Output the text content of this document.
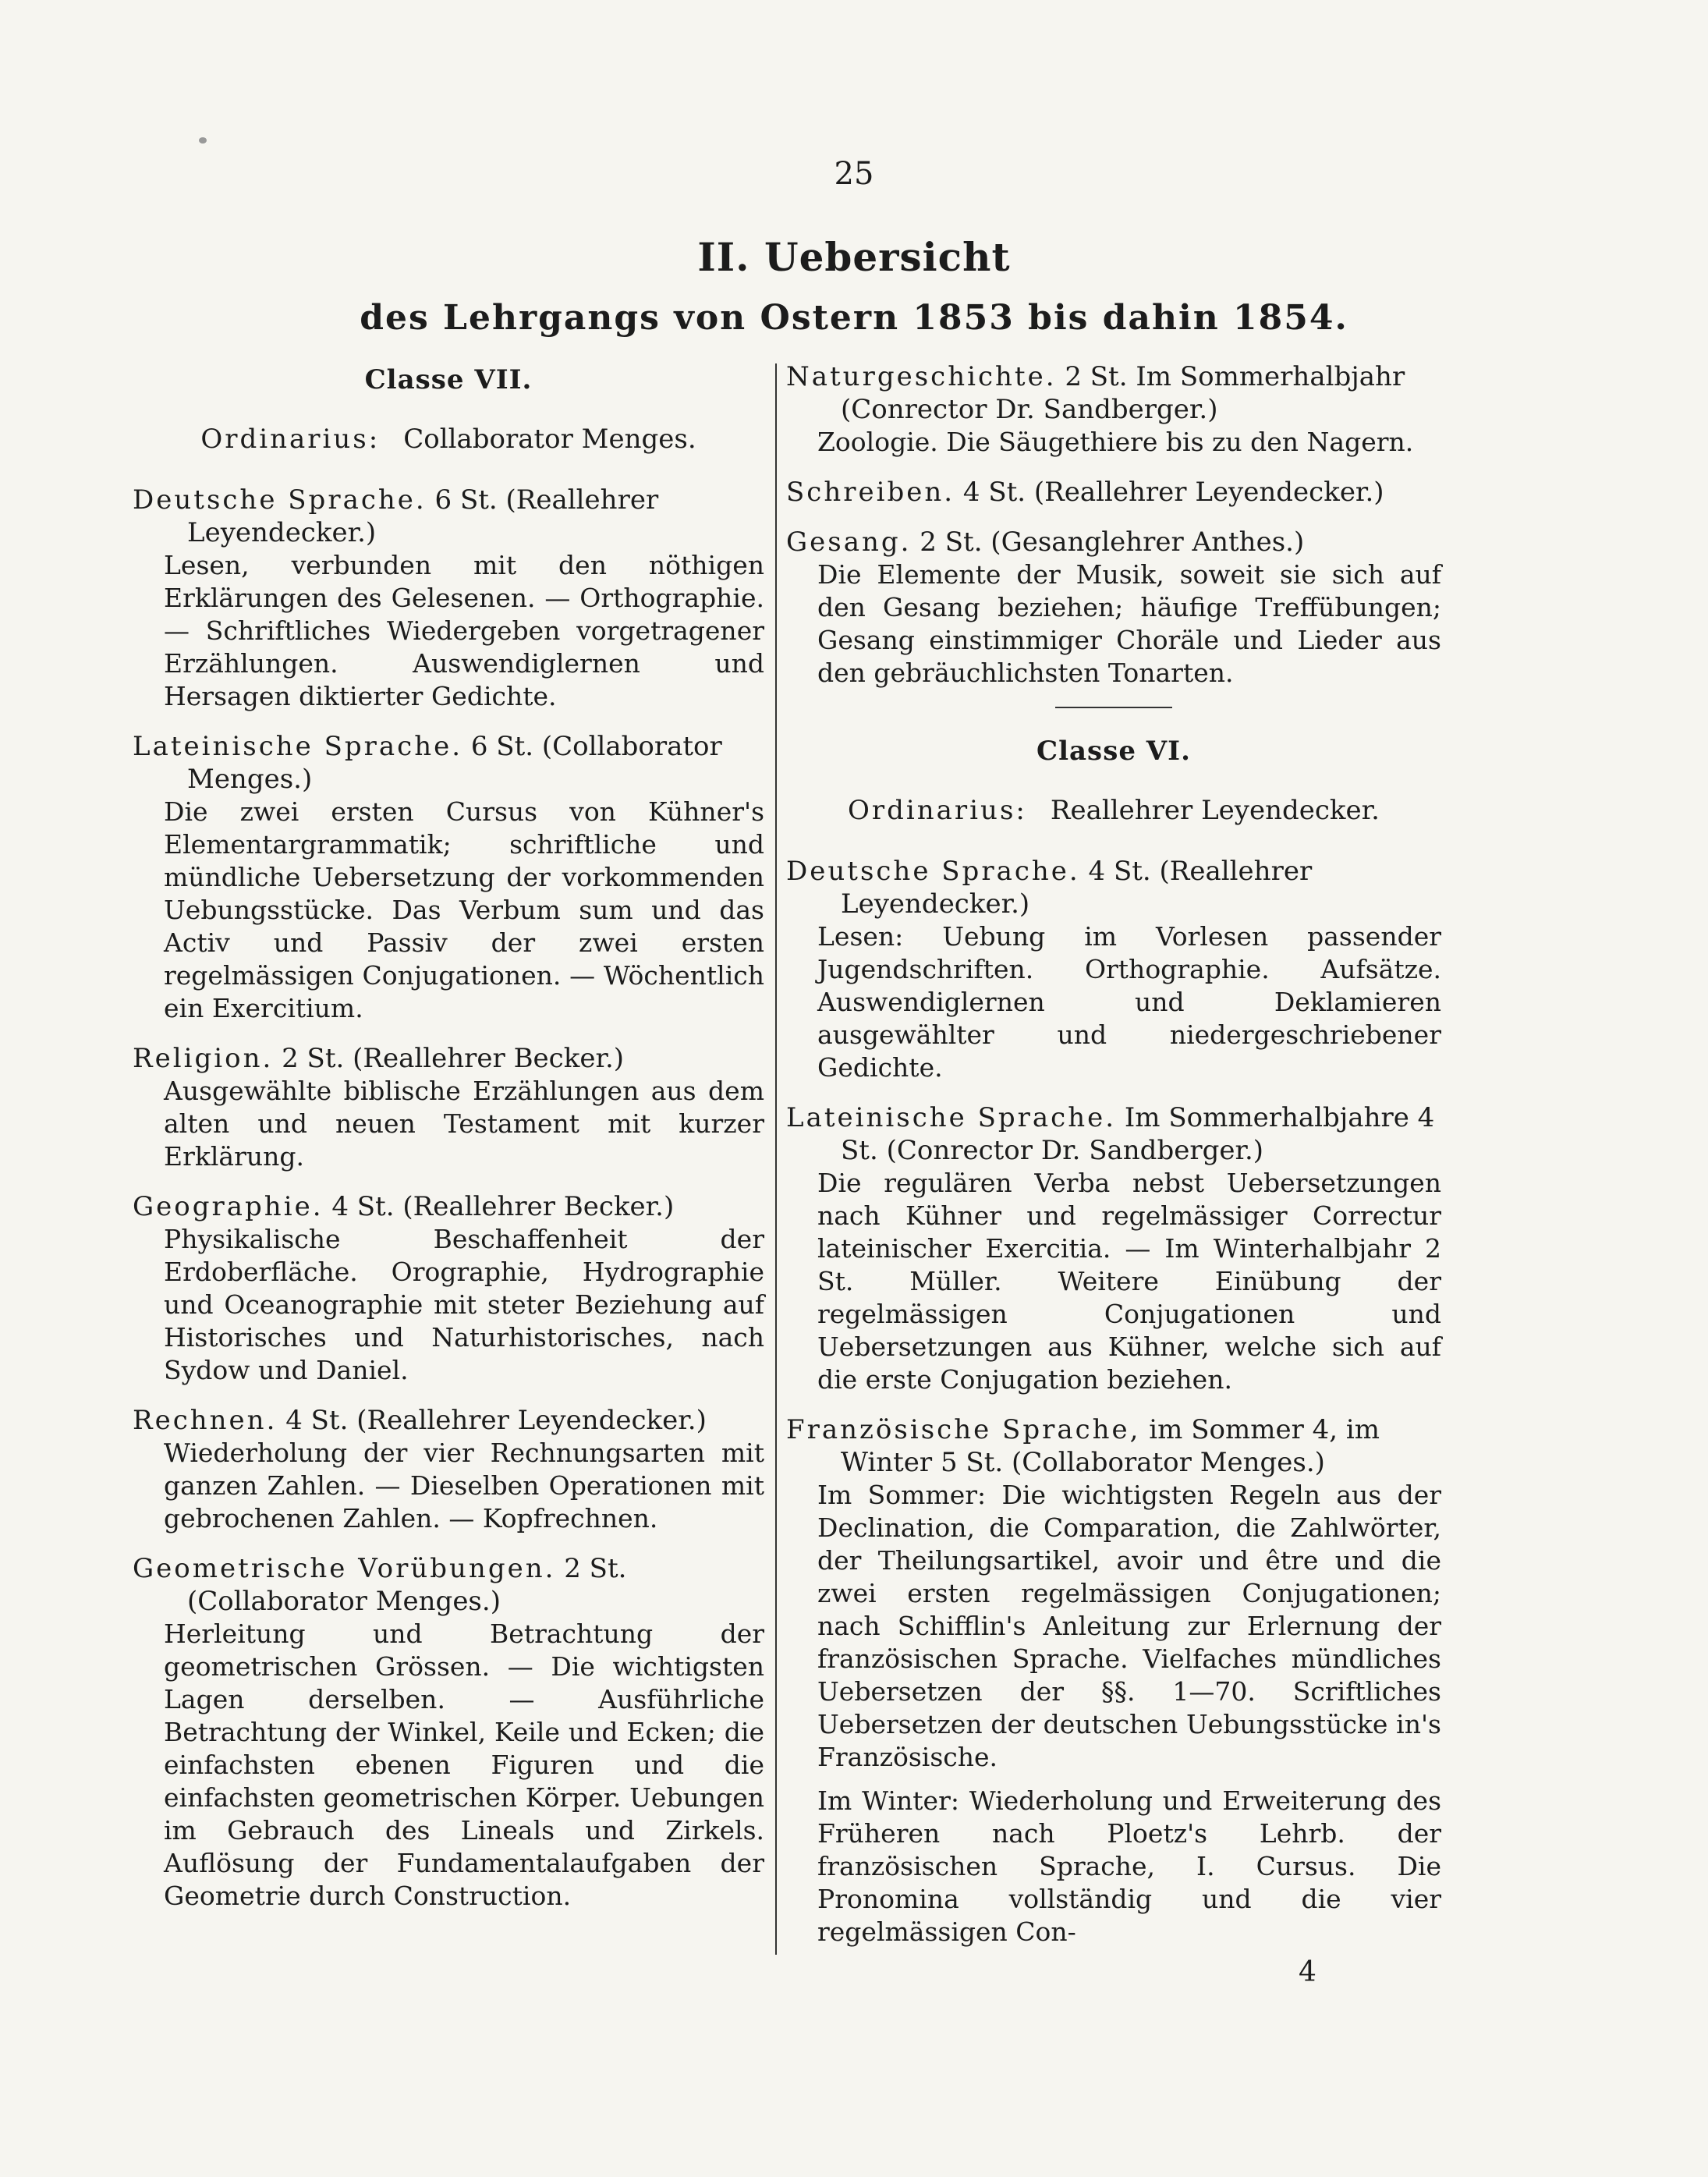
25
II. Uebersicht
des Lehrgangs von Ostern 1853 bis dahin 1854.
Classe VII.
Ordinarius: Collaborator Menges.
Deutsche Sprache. 6 St. (Reallehrer Leyendecker.)
Lesen, verbunden mit den nöthigen Erklärungen des Gelesenen. — Orthographie. — Schriftliches Wiedergeben vorgetragener Erzählungen. Auswendiglernen und Hersagen diktierter Gedichte.
Lateinische Sprache. 6 St. (Collaborator Menges.)
Die zwei ersten Cursus von Kühner's Elementargrammatik; schriftliche und mündliche Uebersetzung der vorkommenden Uebungsstücke. Das Verbum sum und das Activ und Passiv der zwei ersten regelmässigen Conjugationen. — Wöchentlich ein Exercitium.
Religion. 2 St. (Reallehrer Becker.)
Ausgewählte biblische Erzählungen aus dem alten und neuen Testament mit kurzer Erklärung.
Geographie. 4 St. (Reallehrer Becker.)
Physikalische Beschaffenheit der Erdoberfläche. Orographie, Hydrographie und Oceanographie mit steter Beziehung auf Historisches und Naturhistorisches, nach Sydow und Daniel.
Rechnen. 4 St. (Reallehrer Leyendecker.)
Wiederholung der vier Rechnungsarten mit ganzen Zahlen. — Dieselben Operationen mit gebrochenen Zahlen. — Kopfrechnen.
Geometrische Vorübungen. 2 St. (Collaborator Menges.)
Herleitung und Betrachtung der geometrischen Grössen. — Die wichtigsten Lagen derselben. — Ausführliche Betrachtung der Winkel, Keile und Ecken; die einfachsten ebenen Figuren und die einfachsten geometrischen Körper. Uebungen im Gebrauch des Lineals und Zirkels. Auflösung der Fundamentalaufgaben der Geometrie durch Construction.
Naturgeschichte. 2 St. Im Sommerhalbjahr (Conrector Dr. Sandberger.)
Zoologie. Die Säugethiere bis zu den Nagern.
Schreiben. 4 St. (Reallehrer Leyendecker.)
Gesang. 2 St. (Gesanglehrer Anthes.)
Die Elemente der Musik, soweit sie sich auf den Gesang beziehen; häufige Treffübungen; Gesang einstimmiger Choräle und Lieder aus den gebräuchlichsten Tonarten.
Classe VI.
Ordinarius: Reallehrer Leyendecker.
Deutsche Sprache. 4 St. (Reallehrer Leyendecker.)
Lesen: Uebung im Vorlesen passender Jugendschriften. Orthographie. Aufsätze. Auswendiglernen und Deklamieren ausgewählter und niedergeschriebener Gedichte.
Lateinische Sprache. Im Sommerhalbjahre 4 St. (Conrector Dr. Sandberger.)
Die regulären Verba nebst Uebersetzungen nach Kühner und regelmässiger Correctur lateinischer Exercitia. — Im Winterhalbjahr 2 St. Müller. Weitere Einübung der regelmässigen Conjugationen und Uebersetzungen aus Kühner, welche sich auf die erste Conjugation beziehen.
Französische Sprache, im Sommer 4, im Winter 5 St. (Collaborator Menges.)
Im Sommer: Die wichtigsten Regeln aus der Declination, die Comparation, die Zahlwörter, der Theilungsartikel, avoir und être und die zwei ersten regelmässigen Conjugationen; nach Schifflin's Anleitung zur Erlernung der französischen Sprache. Vielfaches mündliches Uebersetzen der §§. 1—70. Scriftliches Uebersetzen der deutschen Uebungsstücke in's Französische.
Im Winter: Wiederholung und Erweiterung des Früheren nach Ploetz's Lehrb. der französischen Sprache, I. Cursus. Die Pronomina vollständig und die vier regelmässigen Con-
4
